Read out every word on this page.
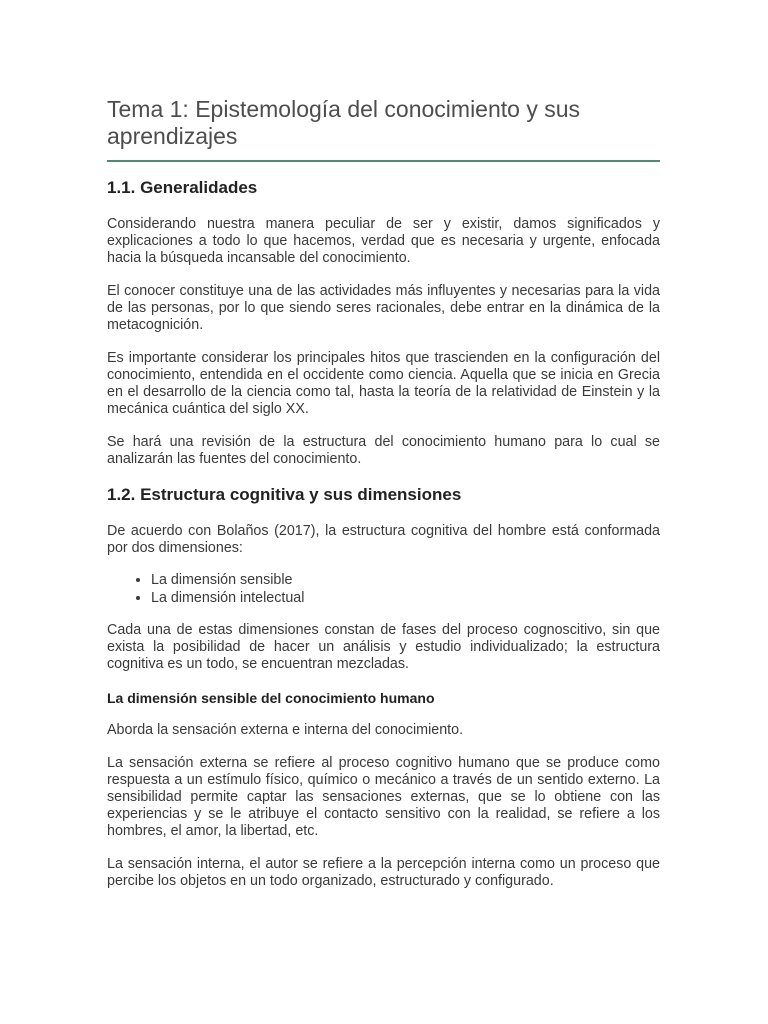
Tema 1: Epistemología del conocimiento y sus aprendizajes
1.1. Generalidades

Considerando nuestra manera peculiar de ser y existir, damos significados y explicaciones a todo lo que hacemos, verdad que es necesaria y urgente, enfocada hacia la búsqueda incansable del conocimiento.

El conocer constituye una de las actividades más influyentes y necesarias para la vida de las personas, por lo que siendo seres racionales, debe entrar en la dinámica de la metacognición.

Es importante considerar los principales hitos que trascienden en la configuración del conocimiento, entendida en el occidente como ciencia. Aquella que se inicia en Grecia en el desarrollo de la ciencia como tal, hasta la teoría de la relatividad de Einstein y la mecánica cuántica del siglo XX.

Se hará una revisión de la estructura del conocimiento humano para lo cual se analizarán las fuentes del conocimiento.

1.2. Estructura cognitiva y sus dimensiones

De acuerdo con Bolaños (2017), la estructura cognitiva del hombre está conformada por dos dimensiones:

• La dimensión sensible
• La dimensión intelectual

Cada una de estas dimensiones constan de fases del proceso cognoscitivo, sin que exista la posibilidad de hacer un análisis y estudio individualizado; la estructura cognitiva es un todo, se encuentran mezcladas.

La dimensión sensible del conocimiento humano

Aborda la sensación externa e interna del conocimiento.

La sensación externa se refiere al proceso cognitivo humano que se produce como respuesta a un estímulo físico, químico o mecánico a través de un sentido externo. La sensibilidad permite captar las sensaciones externas, que se lo obtiene con las experiencias y se le atribuye el contacto sensitivo con la realidad, se refiere a los hombres, el amor, la libertad, etc.

La sensación interna, el autor se refiere a la percepción interna como un proceso que percibe los objetos en un todo organizado, estructurado y configurado.
